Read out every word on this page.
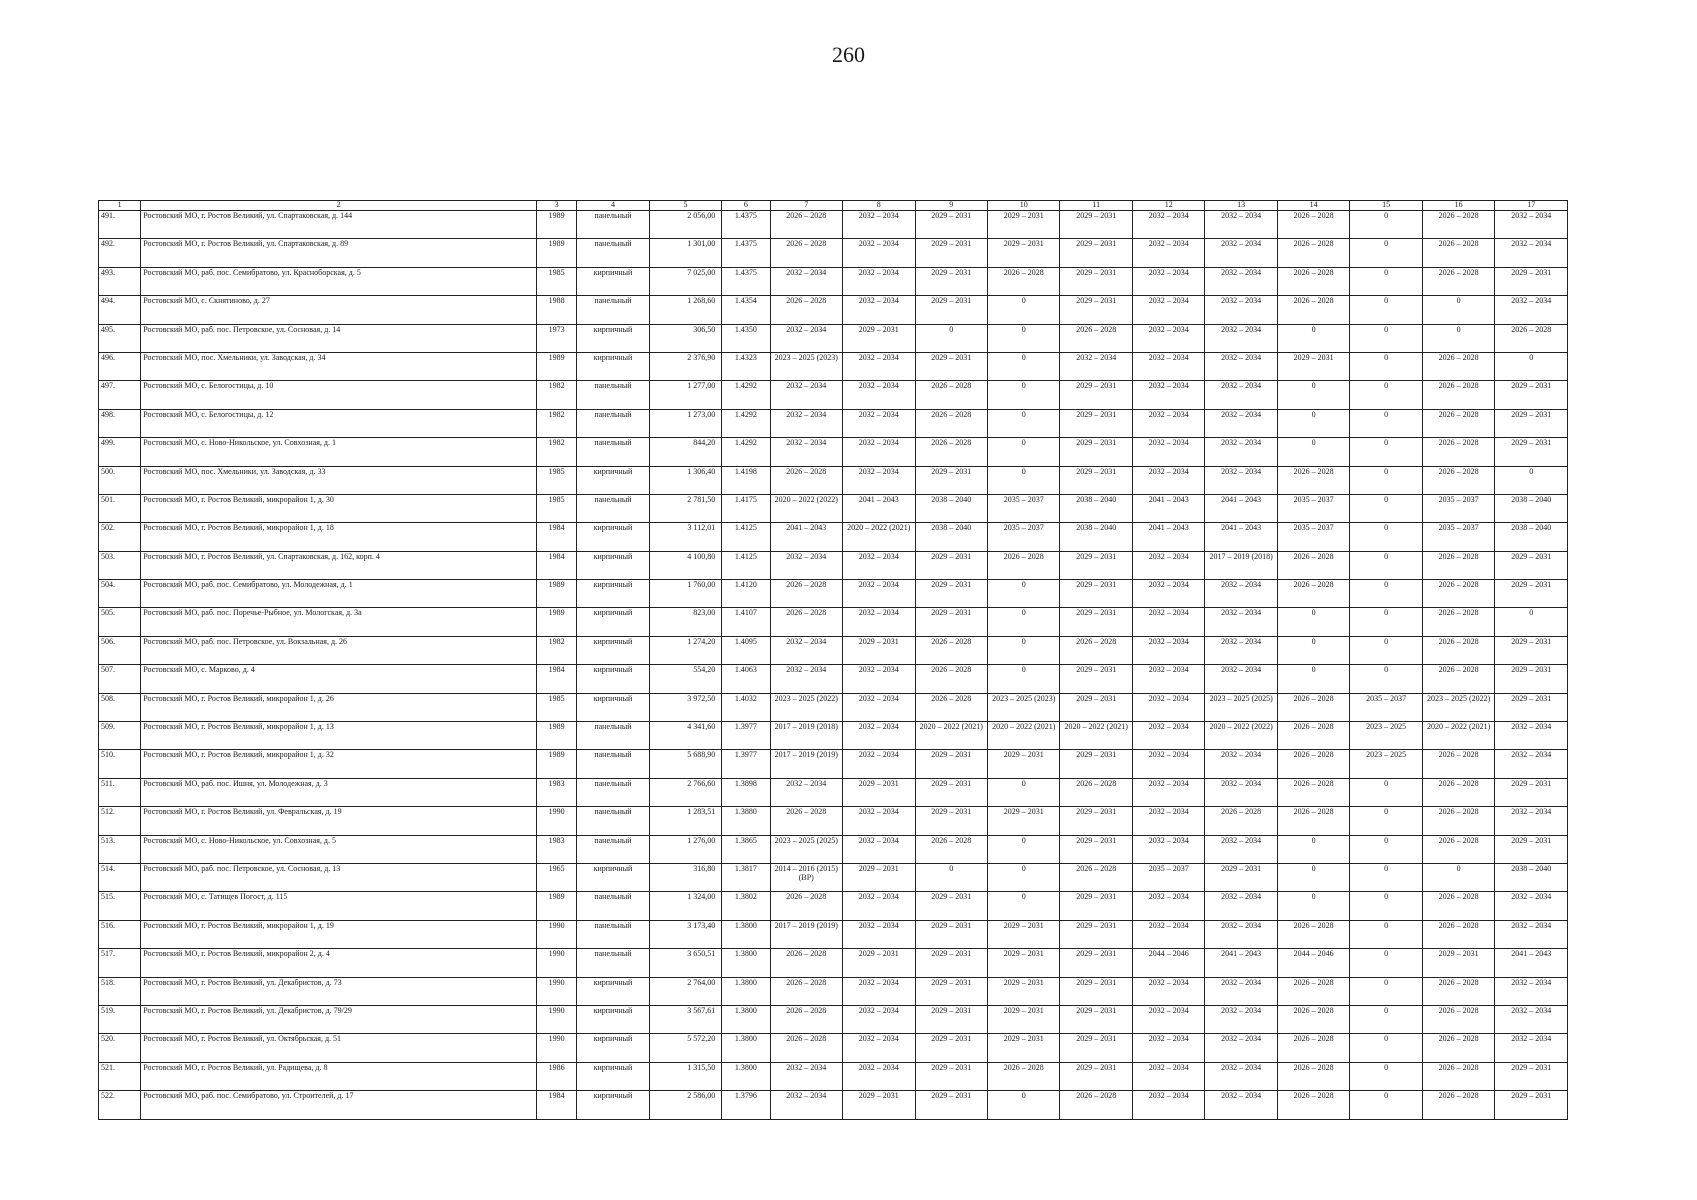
260
1	2	3	4	5	6	7	8	9	10	11	12	13	14	15	16	17
491.	Ростовский МО, г. Ростов Великий, ул. Спартаковская, д. 144	1989	панельный	2 056,00	1.4375	2026 – 2028	2032 – 2034	2029 – 2031	2029 – 2031	2029 – 2031	2032 – 2034	2032 – 2034	2026 – 2028	0	2026 – 2028	2032 – 2034
492.	Ростовский МО, г. Ростов Великий, ул. Спартаковская, д. 89	1989	панельный	1 301,00	1.4375	2026 – 2028	2032 – 2034	2029 – 2031	2029 – 2031	2029 – 2031	2032 – 2034	2032 – 2034	2026 – 2028	0	2026 – 2028	2032 – 2034
493.	Ростовский МО, раб. пос. Семибратово, ул. Красноборская, д. 5	1985	кирпичный	7 025,00	1.4375	2032 – 2034	2032 – 2034	2029 – 2031	2026 – 2028	2029 – 2031	2032 – 2034	2032 – 2034	2026 – 2028	0	2026 – 2028	2029 – 2031
494.	Ростовский МО, с. Скнятиново, д. 27	1988	панельный	1 268,60	1.4354	2026 – 2028	2032 – 2034	2029 – 2031	0	2029 – 2031	2032 – 2034	2032 – 2034	2026 – 2028	0	0	2032 – 2034
495.	Ростовский МО, раб. пос. Петровское, ул. Сосновая, д. 14	1973	кирпичный	306,50	1.4350	2032 – 2034	2029 – 2031	0	0	2026 – 2028	2032 – 2034	2032 – 2034	0	0	0	2026 – 2028
496.	Ростовский МО, пос. Хмельники, ул. Заводская, д. 34	1989	кирпичный	2 376,90	1.4323	2023 – 2025 (2023)	2032 – 2034	2029 – 2031	0	2032 – 2034	2032 – 2034	2032 – 2034	2029 – 2031	0	2026 – 2028	0
497.	Ростовский МО, с. Белогостицы, д. 10	1982	панельный	1 277,00	1.4292	2032 – 2034	2032 – 2034	2026 – 2028	0	2029 – 2031	2032 – 2034	2032 – 2034	0	0	2026 – 2028	2029 – 2031
498.	Ростовский МО, с. Белогостицы, д. 12	1982	панельный	1 273,00	1.4292	2032 – 2034	2032 – 2034	2026 – 2028	0	2029 – 2031	2032 – 2034	2032 – 2034	0	0	2026 – 2028	2029 – 2031
499.	Ростовский МО, с. Ново-Никольское, ул. Совхозная, д. 1	1982	панельный	844,20	1.4292	2032 – 2034	2032 – 2034	2026 – 2028	0	2029 – 2031	2032 – 2034	2032 – 2034	0	0	2026 – 2028	2029 – 2031
500.	Ростовский МО, пос. Хмельники, ул. Заводская, д. 33	1985	кирпичный	1 306,40	1.4198	2026 – 2028	2032 – 2034	2029 – 2031	0	2029 – 2031	2032 – 2034	2032 – 2034	2026 – 2028	0	2026 – 2028	0
501.	Ростовский МО, г. Ростов Великий, микрорайон 1, д. 30	1985	панельный	2 781,50	1.4175	2020 – 2022 (2022)	2041 – 2043	2038 – 2040	2035 – 2037	2038 – 2040	2041 – 2043	2041 – 2043	2035 – 2037	0	2035 – 2037	2038 – 2040
502.	Ростовский МО, г. Ростов Великий, микрорайон 1, д. 18	1984	кирпичный	3 112,01	1.4125	2041 – 2043	2020 – 2022 (2021)	2038 – 2040	2035 – 2037	2038 – 2040	2041 – 2043	2041 – 2043	2035 – 2037	0	2035 – 2037	2038 – 2040
503.	Ростовский МО, г. Ростов Великий, ул. Спартаковская, д. 162, корп. 4	1984	кирпичный	4 100,80	1.4125	2032 – 2034	2032 – 2034	2029 – 2031	2026 – 2028	2029 – 2031	2032 – 2034	2017 – 2019 (2018)	2026 – 2028	0	2026 – 2028	2029 – 2031
504.	Ростовский МО, раб. пос. Семибратово, ул. Молодежная, д. 1	1989	кирпичный	1 760,00	1.4120	2026 – 2028	2032 – 2034	2029 – 2031	0	2029 – 2031	2032 – 2034	2032 – 2034	2026 – 2028	0	2026 – 2028	2029 – 2031
505.	Ростовский МО, раб. пос. Поречье-Рыбное, ул. Мологская, д. 3а	1989	кирпичный	823,00	1.4107	2026 – 2028	2032 – 2034	2029 – 2031	0	2029 – 2031	2032 – 2034	2032 – 2034	0	0	2026 – 2028	0
506.	Ростовский МО, раб. пос. Петровское, ул. Вокзальная, д. 26	1982	кирпичный	1 274,20	1.4095	2032 – 2034	2029 – 2031	2026 – 2028	0	2026 – 2028	2032 – 2034	2032 – 2034	0	0	2026 – 2028	2029 – 2031
507.	Ростовский МО, с. Марково, д. 4	1984	кирпичный	554,20	1.4063	2032 – 2034	2032 – 2034	2026 – 2028	0	2029 – 2031	2032 – 2034	2032 – 2034	0	0	2026 – 2028	2029 – 2031
508.	Ростовский МО, г. Ростов Великий, микрорайон 1, д. 26	1985	кирпичный	3 972,50	1.4032	2023 – 2025 (2022)	2032 – 2034	2026 – 2028	2023 – 2025 (2023)	2029 – 2031	2032 – 2034	2023 – 2025 (2025)	2026 – 2028	2035 – 2037	2023 – 2025 (2022)	2029 – 2031
509.	Ростовский МО, г. Ростов Великий, микрорайон 1, д. 13	1989	панельный	4 341,60	1.3977	2017 – 2019 (2018)	2032 – 2034	2020 – 2022 (2021)	2020 – 2022 (2021)	2020 – 2022 (2021)	2032 – 2034	2020 – 2022 (2022)	2026 – 2028	2023 – 2025	2020 – 2022 (2021)	2032 – 2034
510.	Ростовский МО, г. Ростов Великий, микрорайон 1, д. 32	1989	панельный	5 688,90	1.3977	2017 – 2019 (2019)	2032 – 2034	2029 – 2031	2029 – 2031	2029 – 2031	2032 – 2034	2032 – 2034	2026 – 2028	2023 – 2025	2026 – 2028	2032 – 2034
511.	Ростовский МО, раб. пос. Ишня, ул. Молодежная, д. 3	1983	панельный	2 766,60	1.3898	2032 – 2034	2029 – 2031	2029 – 2031	0	2026 – 2028	2032 – 2034	2032 – 2034	2026 – 2028	0	2026 – 2028	2029 – 2031
512.	Ростовский МО, г. Ростов Великий, ул. Февральская, д. 19	1990	панельный	1 283,51	1.3880	2026 – 2028	2032 – 2034	2029 – 2031	2029 – 2031	2029 – 2031	2032 – 2034	2026 – 2028	2026 – 2028	0	2026 – 2028	2032 – 2034
513.	Ростовский МО, с. Ново-Никольское, ул. Совхозная, д. 5	1983	панельный	1 276,00	1.3865	2023 – 2025 (2025)	2032 – 2034	2026 – 2028	0	2029 – 2031	2032 – 2034	2032 – 2034	0	0	2026 – 2028	2029 – 2031
514.	Ростовский МО, раб. пос. Петровское, ул. Сосновая, д. 13	1965	кирпичный	316,80	1.3817	2014 – 2016 (2015) (ВР)	2029 – 2031	0	0	2026 – 2028	2035 – 2037	2029 – 2031	0	0	0	2038 – 2040
515.	Ростовский МО, с. Татищев Погост, д. 115	1989	панельный	1 324,00	1.3802	2026 – 2028	2032 – 2034	2029 – 2031	0	2029 – 2031	2032 – 2034	2032 – 2034	0	0	2026 – 2028	2032 – 2034
516.	Ростовский МО, г. Ростов Великий, микрорайон 1, д. 19	1990	панельный	3 173,40	1.3800	2017 – 2019 (2019)	2032 – 2034	2029 – 2031	2029 – 2031	2029 – 2031	2032 – 2034	2032 – 2034	2026 – 2028	0	2026 – 2028	2032 – 2034
517.	Ростовский МО, г. Ростов Великий, микрорайон 2, д. 4	1990	панельный	3 650,51	1.3800	2026 – 2028	2029 – 2031	2029 – 2031	2029 – 2031	2029 – 2031	2044 – 2046	2041 – 2043	2044 – 2046	0	2029 – 2031	2041 – 2043
518.	Ростовский МО, г. Ростов Великий, ул. Декабристов, д. 73	1990	кирпичный	2 764,00	1.3800	2026 – 2028	2032 – 2034	2029 – 2031	2029 – 2031	2029 – 2031	2032 – 2034	2032 – 2034	2026 – 2028	0	2026 – 2028	2032 – 2034
519.	Ростовский МО, г. Ростов Великий, ул. Декабристов, д. 79/29	1990	кирпичный	3 567,61	1.3800	2026 – 2028	2032 – 2034	2029 – 2031	2029 – 2031	2029 – 2031	2032 – 2034	2032 – 2034	2026 – 2028	0	2026 – 2028	2032 – 2034
520.	Ростовский МО, г. Ростов Великий, ул. Октябрьская, д. 51	1990	кирпичный	5 572,20	1.3800	2026 – 2028	2032 – 2034	2029 – 2031	2029 – 2031	2029 – 2031	2032 – 2034	2032 – 2034	2026 – 2028	0	2026 – 2028	2032 – 2034
521.	Ростовский МО, г. Ростов Великий, ул. Радищева, д. 8	1986	кирпичный	1 315,50	1.3800	2032 – 2034	2032 – 2034	2029 – 2031	2026 – 2028	2029 – 2031	2032 – 2034	2032 – 2034	2026 – 2028	0	2026 – 2028	2029 – 2031
522.	Ростовский МО, раб. пос. Семибратово, ул. Строителей, д. 17	1984	кирпичный	2 586,00	1.3796	2032 – 2034	2029 – 2031	2029 – 2031	0	2026 – 2028	2032 – 2034	2032 – 2034	2026 – 2028	0	2026 – 2028	2029 – 2031
